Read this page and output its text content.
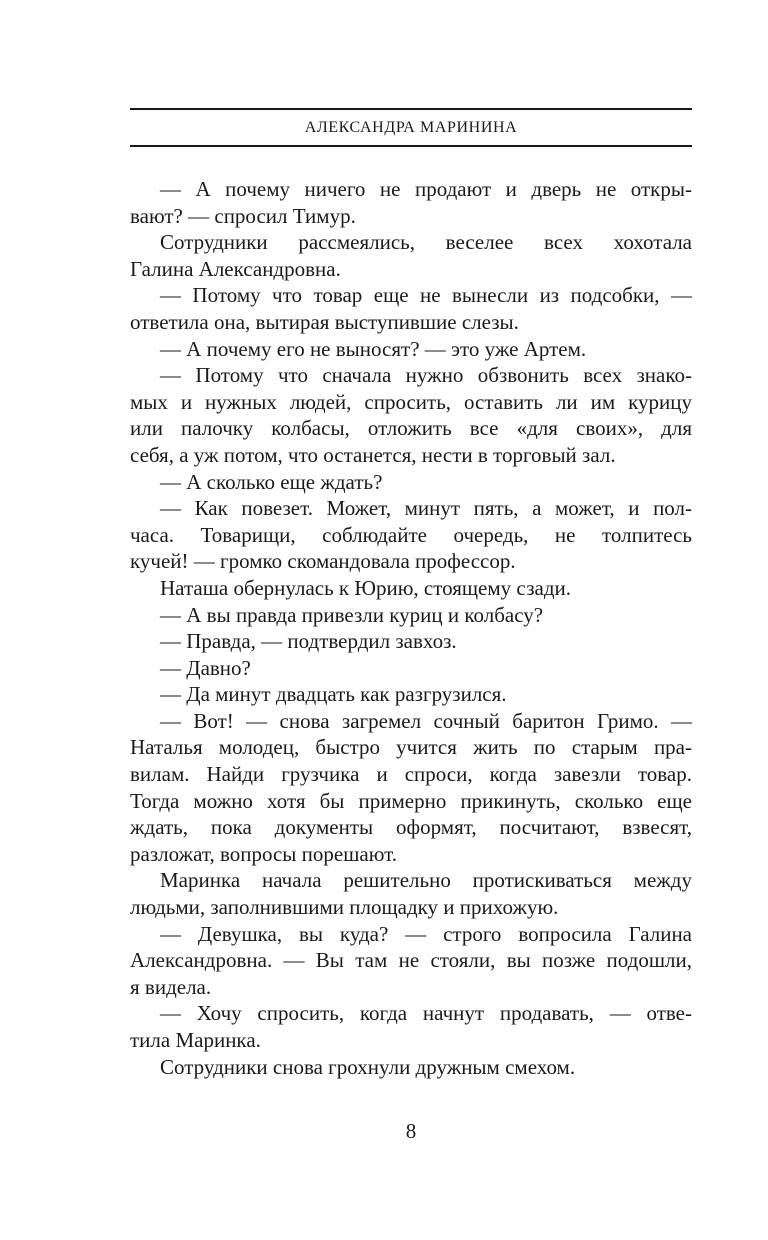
АЛЕКСАНДРА МАРИНИНА
— А почему ничего не продают и дверь не откры-
вают? — спросил Тимур.
Сотрудники рассмеялись, веселее всех хохотала
Галина Александровна.
— Потому что товар еще не вынесли из подсобки, —
ответила она, вытирая выступившие слезы.
— А почему его не выносят? — это уже Артем.
— Потому что сначала нужно обзвонить всех знако-
мых и нужных людей, спросить, оставить ли им курицу
или палочку колбасы, отложить все «для своих», для
себя, а уж потом, что останется, нести в торговый зал.
— А сколько еще ждать?
— Как повезет. Может, минут пять, а может, и пол-
часа. Товарищи, соблюдайте очередь, не толпитесь
кучей! — громко скомандовала профессор.
Наташа обернулась к Юрию, стоящему сзади.
— А вы правда привезли куриц и колбасу?
— Правда, — подтвердил завхоз.
— Давно?
— Да минут двадцать как разгрузился.
— Вот! — снова загремел сочный баритон Гримо. —
Наталья молодец, быстро учится жить по старым пра-
вилам. Найди грузчика и спроси, когда завезли товар.
Тогда можно хотя бы примерно прикинуть, сколько еще
ждать, пока документы оформят, посчитают, взвесят,
разложат, вопросы порешают.
Маринка начала решительно протискиваться между
людьми, заполнившими площадку и прихожую.
— Девушка, вы куда? — строго вопросила Галина
Александровна. — Вы там не стояли, вы позже подошли,
я видела.
— Хочу спросить, когда начнут продавать, — отве-
тила Маринка.
Сотрудники снова грохнули дружным смехом.
8
